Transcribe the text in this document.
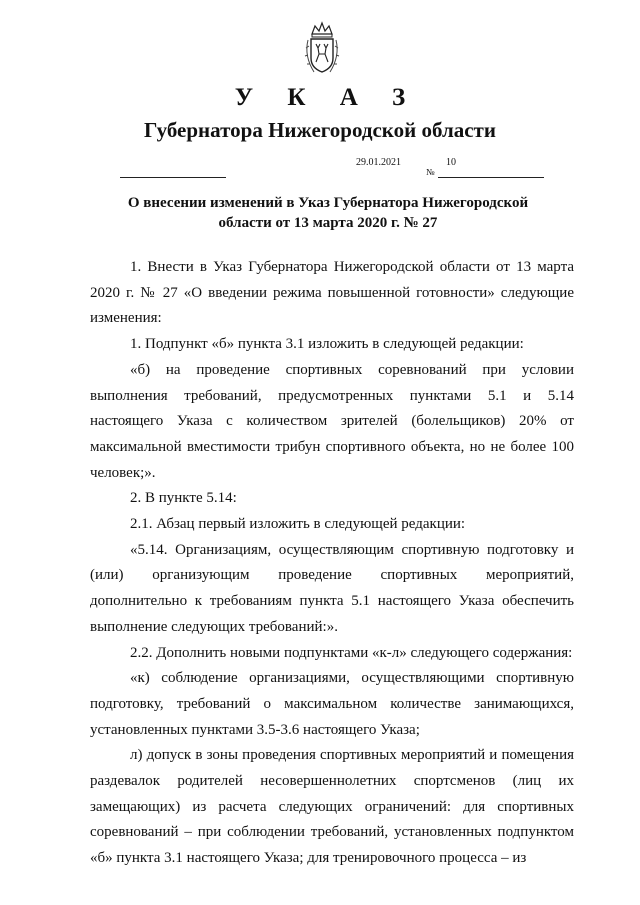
У К А З
Губернатора Нижегородской области
29.01.2021
№
10
О внесении изменений в Указ Губернатора Нижегородской
области от 13 марта 2020 г. № 27

1. Внести в Указ Губернатора Нижегородской области от 13 марта 2020 г. № 27 «О введении режима повышенной готовности» следующие изменения:

1. Подпункт «б» пункта 3.1 изложить в следующей редакции:

«б) на проведение спортивных соревнований при условии выполнения требований, предусмотренных пунктами 5.1 и 5.14 настоящего Указа с количеством зрителей (болельщиков) 20% от максимальной вместимости трибун спортивного объекта, но не более 100 человек;».

2. В пункте 5.14:

2.1. Абзац первый изложить в следующей редакции:

«5.14. Организациям, осуществляющим спортивную подготовку и (или) организующим проведение спортивных мероприятий, дополнительно к требованиям пункта 5.1 настоящего Указа обеспечить выполнение следующих требований:».

2.2. Дополнить новыми подпунктами «к-л» следующего содержания:

«к) соблюдение организациями, осуществляющими спортивную подготовку, требований о максимальном количестве занимающихся, установленных пунктами 3.5-3.6 настоящего Указа;

л) допуск в зоны проведения спортивных мероприятий и помещения раздевалок родителей несовершеннолетних спортсменов (лиц их замещающих) из расчета следующих ограничений: для спортивных соревнований – при соблюдении требований, установленных подпунктом «б» пункта 3.1 настоящего Указа; для тренировочного процесса – из
